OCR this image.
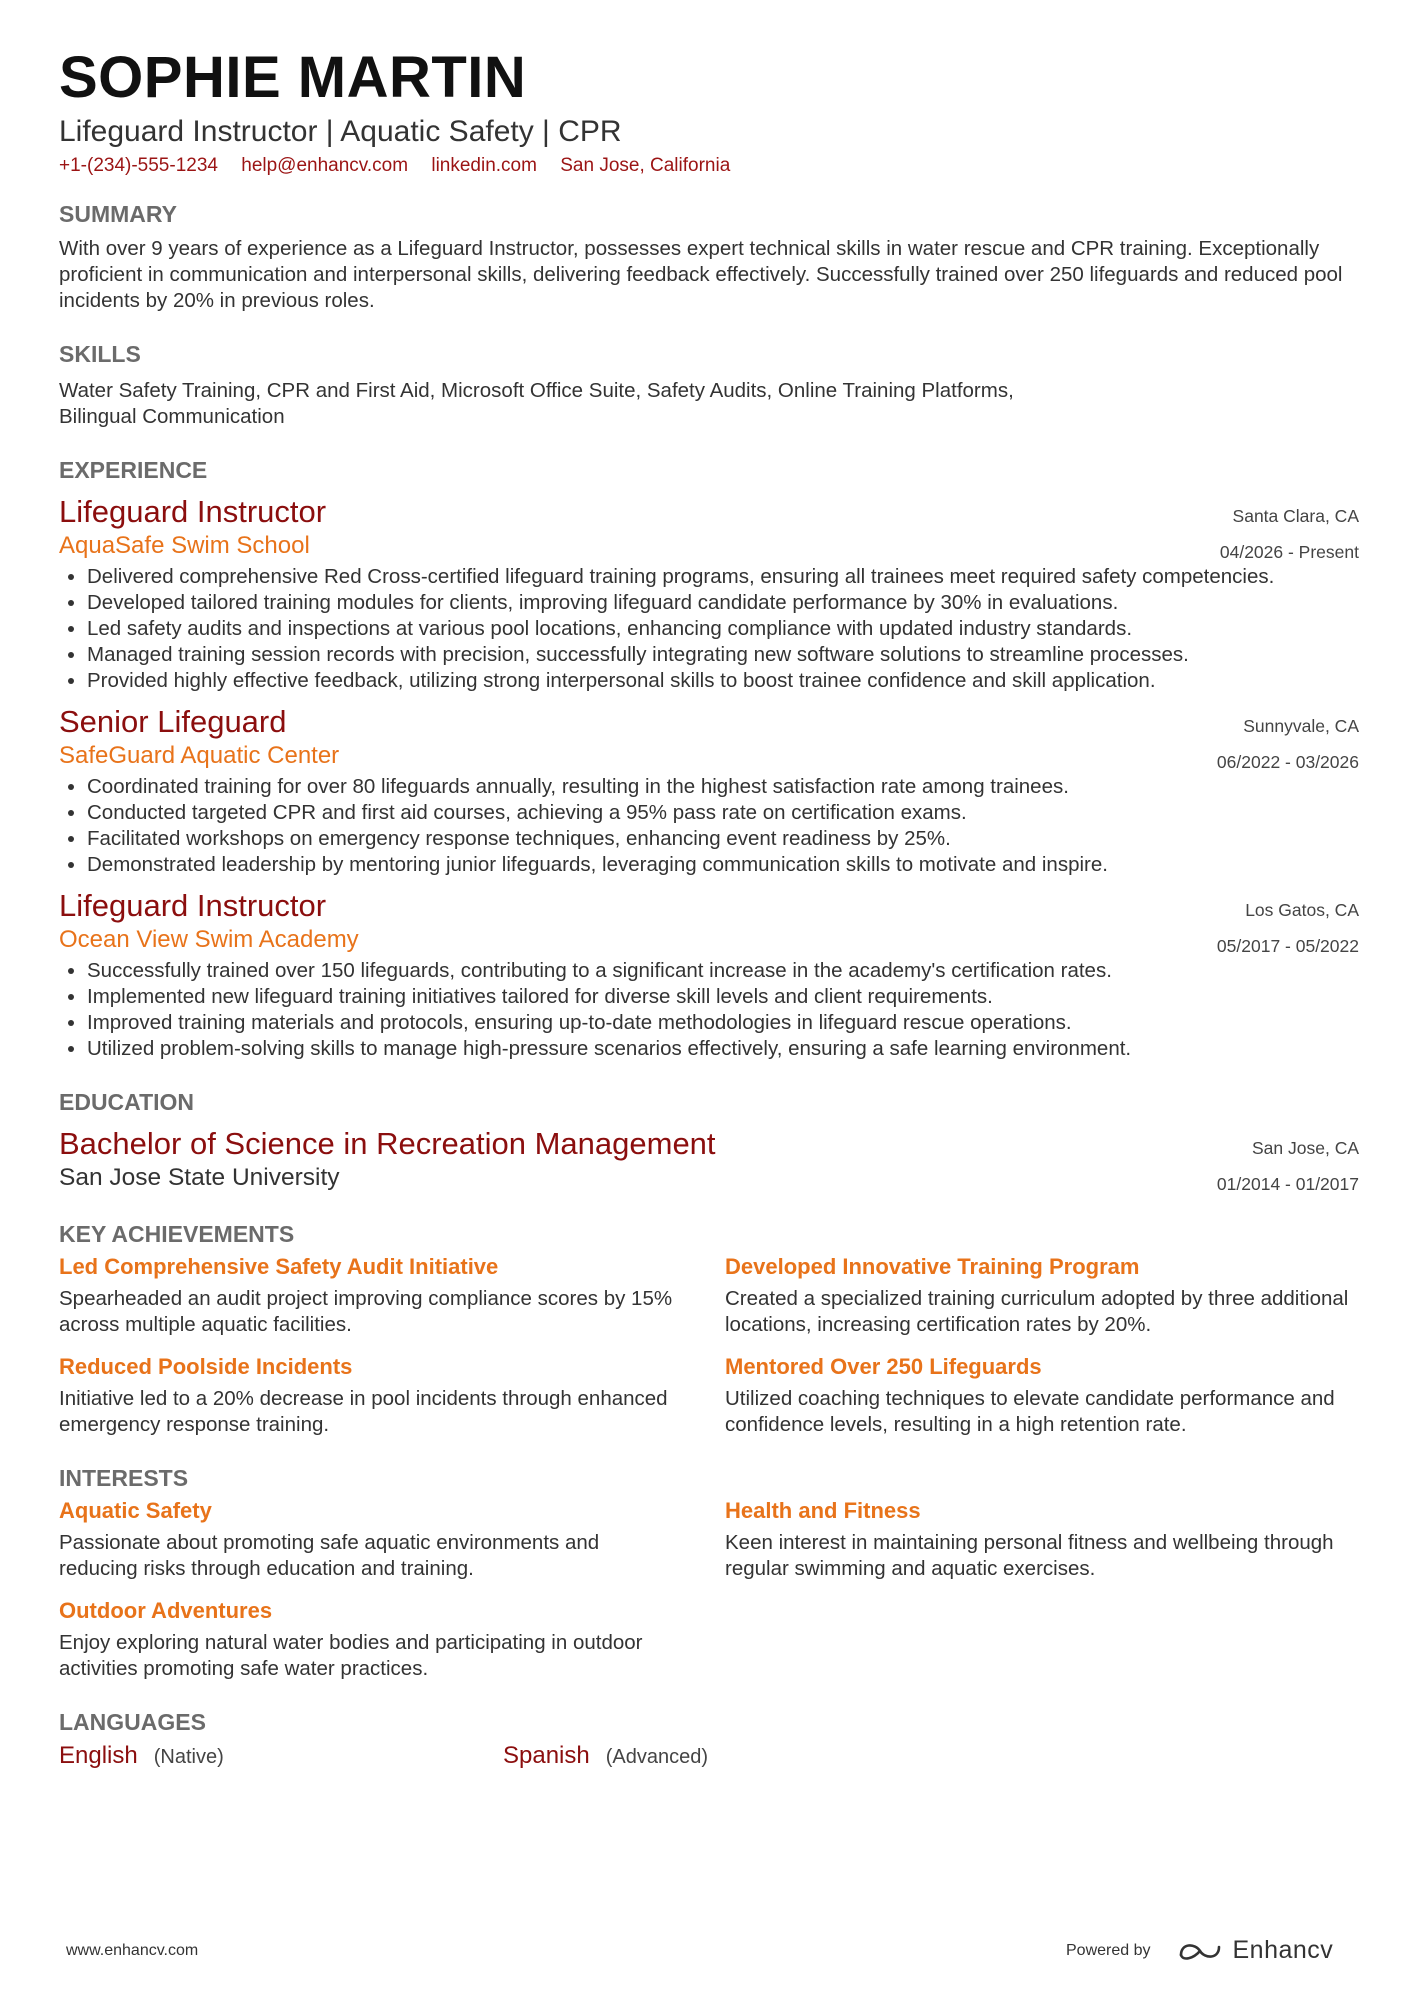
SOPHIE MARTIN
Lifeguard Instructor | Aquatic Safety | CPR
+1-(234)-555-1234 help@enhancv.com linkedin.com San Jose, California
SUMMARY
With over 9 years of experience as a Lifeguard Instructor, possesses expert technical skills in water rescue and CPR training. Exceptionally proficient in communication and interpersonal skills, delivering feedback effectively. Successfully trained over 250 lifeguards and reduced pool incidents by 20% in previous roles.
SKILLS
Water Safety Training, CPR and First Aid, Microsoft Office Suite, Safety Audits, Online Training Platforms,
Bilingual Communication
EXPERIENCE
Lifeguard Instructor
AquaSafe Swim School
Santa Clara, CA
04/2026 - Present
• Delivered comprehensive Red Cross-certified lifeguard training programs, ensuring all trainees meet required safety competencies.
• Developed tailored training modules for clients, improving lifeguard candidate performance by 30% in evaluations.
• Led safety audits and inspections at various pool locations, enhancing compliance with updated industry standards.
• Managed training session records with precision, successfully integrating new software solutions to streamline processes.
• Provided highly effective feedback, utilizing strong interpersonal skills to boost trainee confidence and skill application.
Senior Lifeguard
SafeGuard Aquatic Center
Sunnyvale, CA
06/2022 - 03/2026
• Coordinated training for over 80 lifeguards annually, resulting in the highest satisfaction rate among trainees.
• Conducted targeted CPR and first aid courses, achieving a 95% pass rate on certification exams.
• Facilitated workshops on emergency response techniques, enhancing event readiness by 25%.
• Demonstrated leadership by mentoring junior lifeguards, leveraging communication skills to motivate and inspire.
Lifeguard Instructor
Ocean View Swim Academy
Los Gatos, CA
05/2017 - 05/2022
• Successfully trained over 150 lifeguards, contributing to a significant increase in the academy's certification rates.
• Implemented new lifeguard training initiatives tailored for diverse skill levels and client requirements.
• Improved training materials and protocols, ensuring up-to-date methodologies in lifeguard rescue operations.
• Utilized problem-solving skills to manage high-pressure scenarios effectively, ensuring a safe learning environment.
EDUCATION
Bachelor of Science in Recreation Management
San Jose State University
San Jose, CA
01/2014 - 01/2017
KEY ACHIEVEMENTS
Led Comprehensive Safety Audit Initiative
Spearheaded an audit project improving compliance scores by 15% across multiple aquatic facilities.
Developed Innovative Training Program
Created a specialized training curriculum adopted by three additional locations, increasing certification rates by 20%.
Reduced Poolside Incidents
Initiative led to a 20% decrease in pool incidents through enhanced emergency response training.
Mentored Over 250 Lifeguards
Utilized coaching techniques to elevate candidate performance and confidence levels, resulting in a high retention rate.
INTERESTS
Aquatic Safety
Passionate about promoting safe aquatic environments and reducing risks through education and training.
Health and Fitness
Keen interest in maintaining personal fitness and wellbeing through regular swimming and aquatic exercises.
Outdoor Adventures
Enjoy exploring natural water bodies and participating in outdoor activities promoting safe water practices.
LANGUAGES
English (Native)	Spanish (Advanced)
www.enhancv.com	Powered by	Enhancv
